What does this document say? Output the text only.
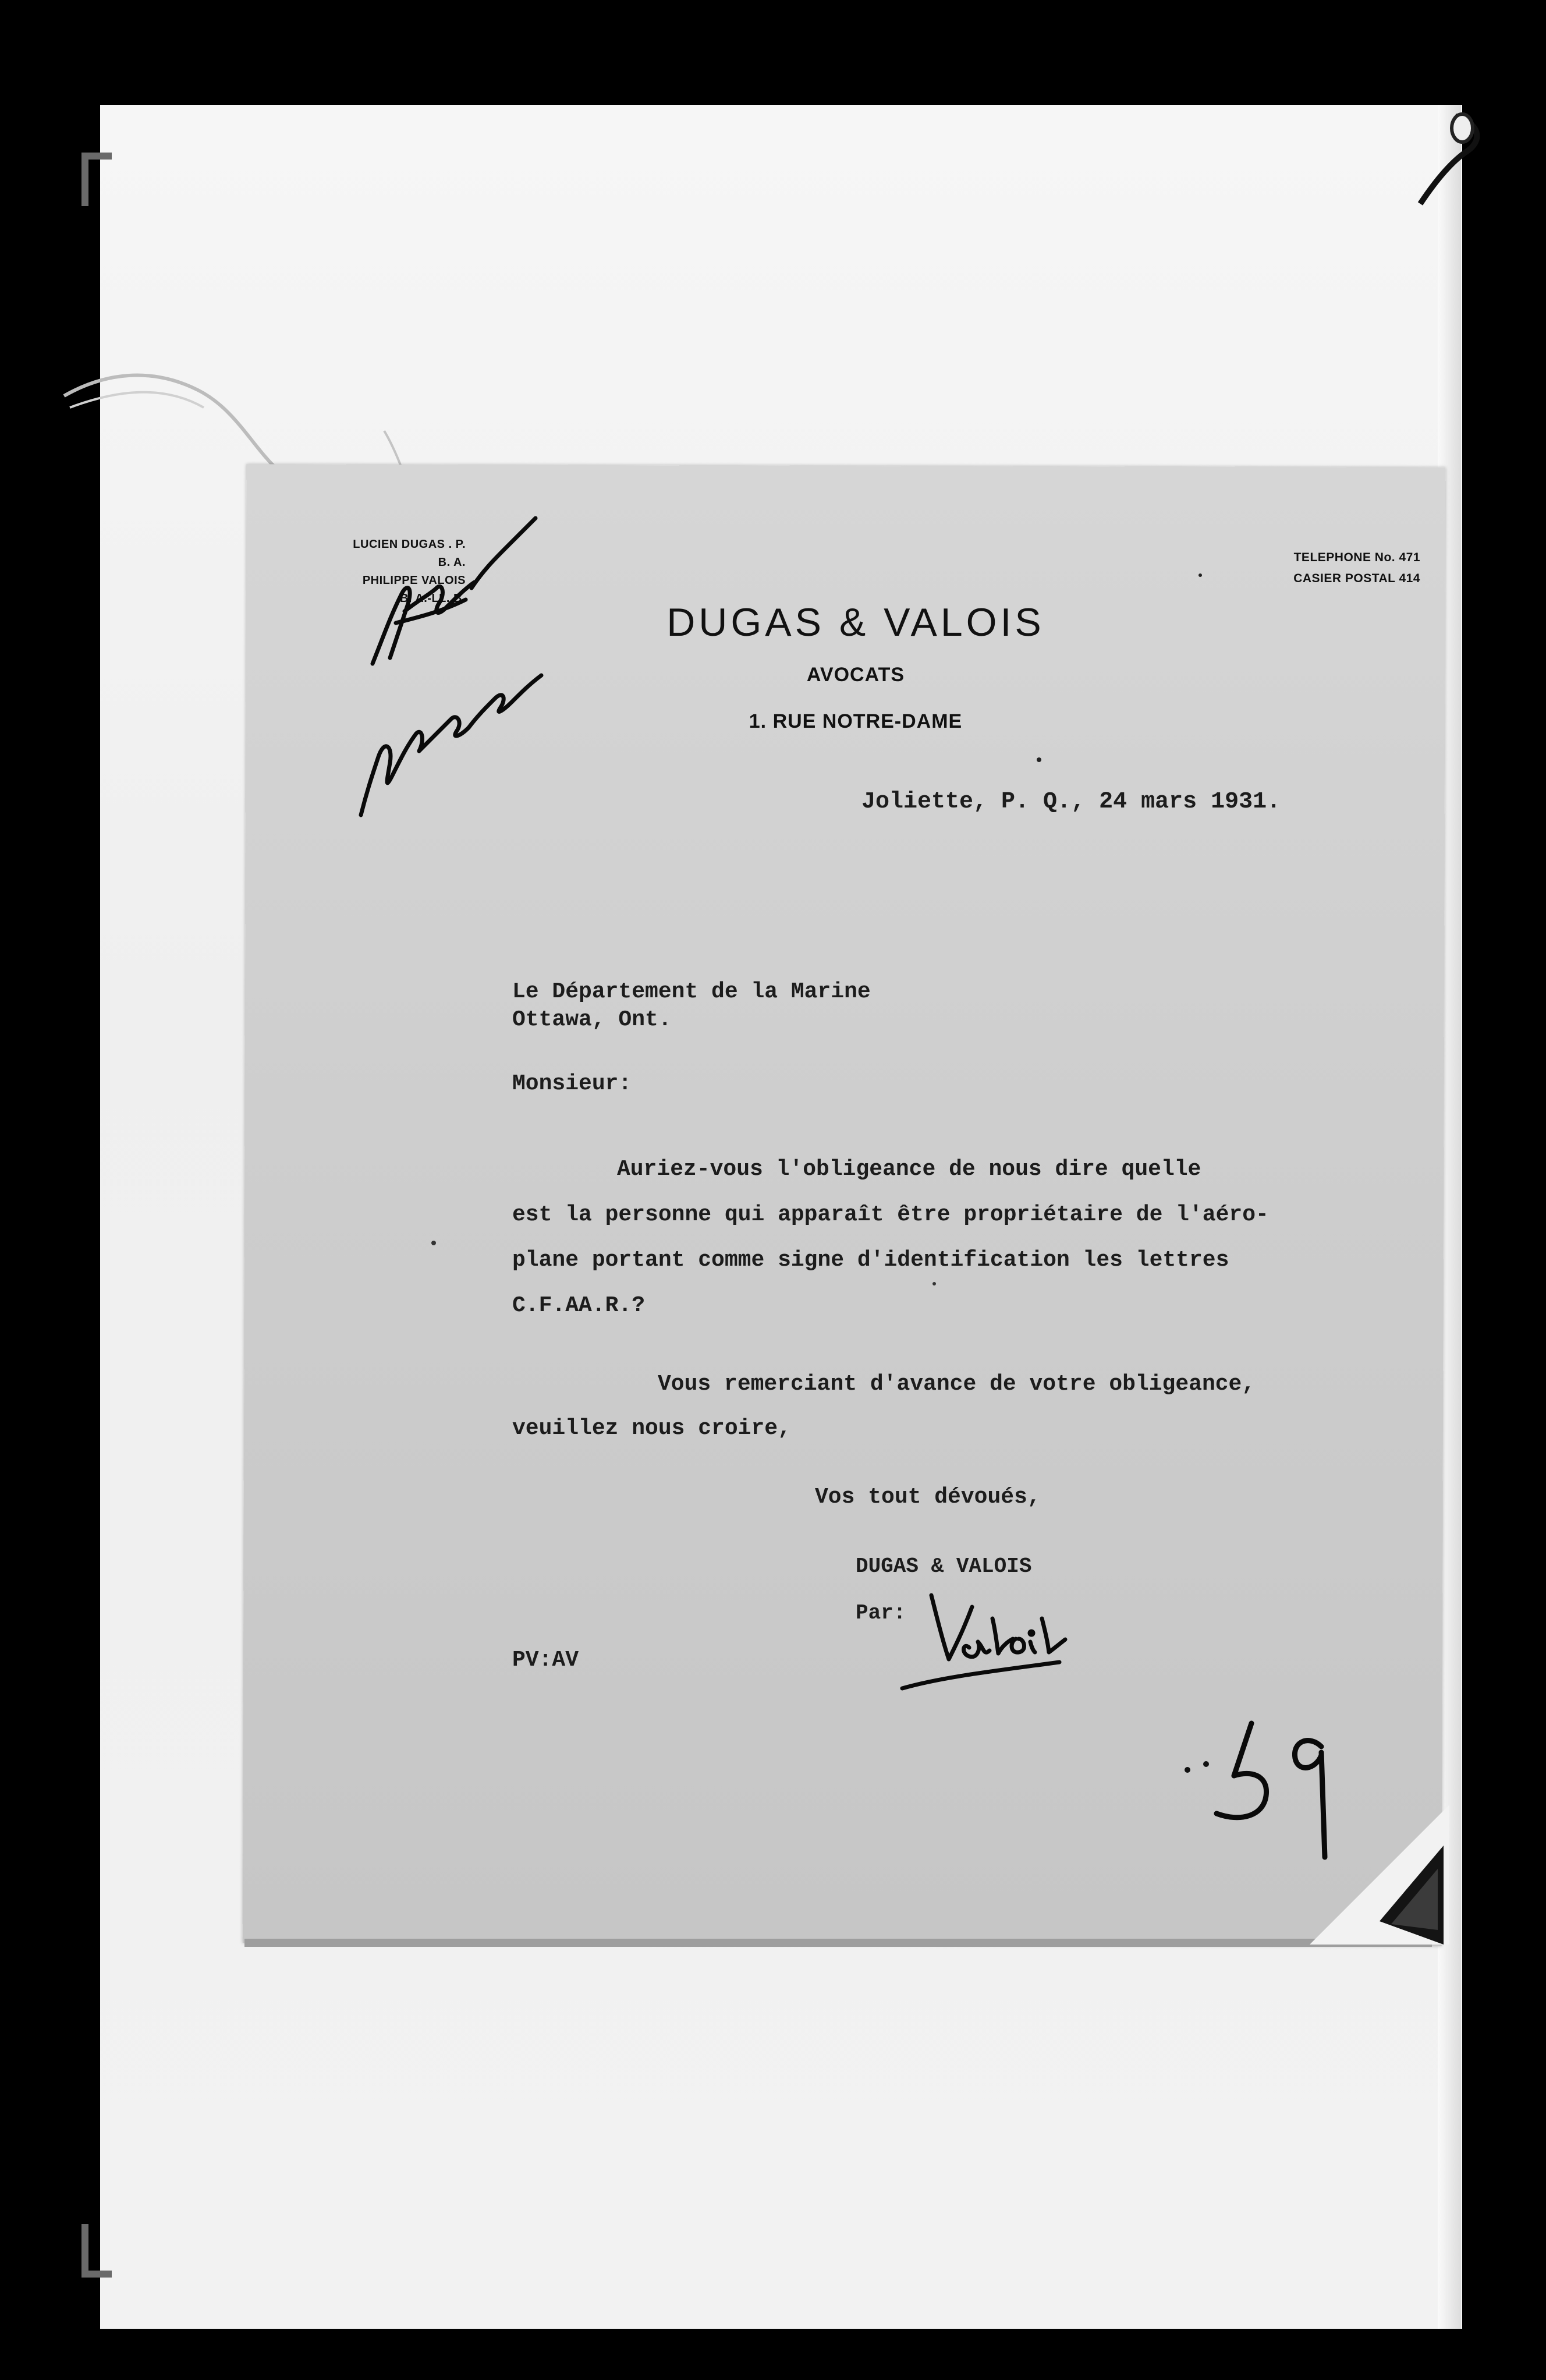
LUCIEN DUGAS . P.
B. A.
PHILIPPE VALOIS
B. A.-LL. B.
TELEPHONE No. 471
CASIER POSTAL 414
DUGAS & VALOIS
AVOCATS
1. RUE NOTRE-DAME
Joliette, P. Q., 24 mars 1931.
Le Département de la Marine
Ottawa, Ont.
Monsieur:
Auriez-vous l'obligeance de nous dire quelle
est la personne qui apparaît être propriétaire de l'aéro-
plane portant comme signe d'identification les lettres
C.F.AA.R.?
Vous remerciant d'avance de votre obligeance,
veuillez nous croire,
Vos tout dévoués,
DUGAS & VALOIS
Par:
PV:AV
